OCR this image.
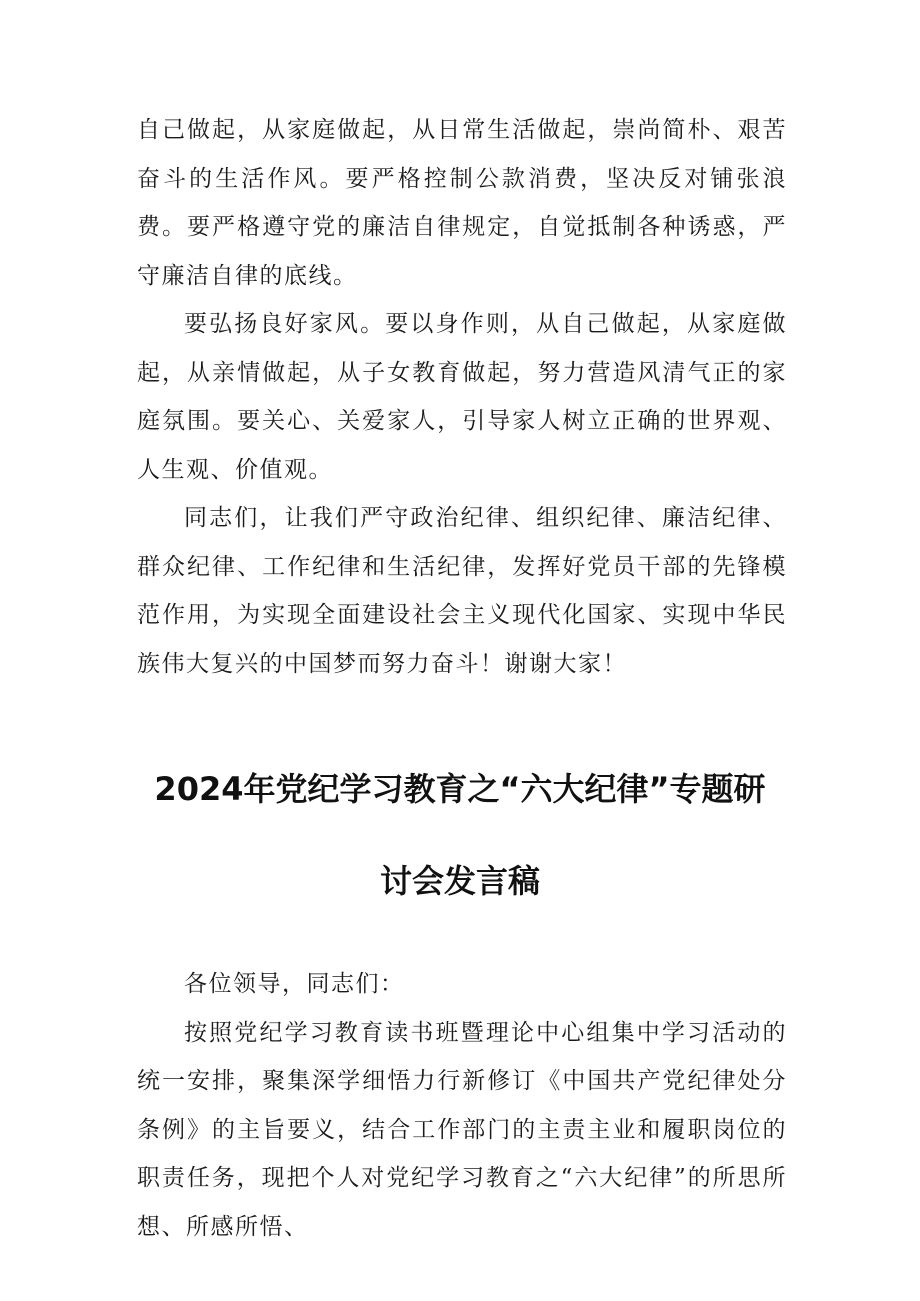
自己做起，从家庭做起，从日常生活做起，崇尚简朴、艰苦奋斗的生活作风。要严格控制公款消费，坚决反对铺张浪费。要严格遵守党的廉洁自律规定，自觉抵制各种诱惑，严守廉洁自律的底线。

要弘扬良好家风。要以身作则，从自己做起，从家庭做起，从亲情做起，从子女教育做起，努力营造风清气正的家庭氛围。要关心、关爱家人，引导家人树立正确的世界观、人生观、价值观。

同志们，让我们严守政治纪律、组织纪律、廉洁纪律、群众纪律、工作纪律和生活纪律，发挥好党员干部的先锋模范作用，为实现全面建设社会主义现代化国家、实现中华民族伟大复兴的中国梦而努力奋斗！谢谢大家！

2024年党纪学习教育之“六大纪律”专题研
讨会发言稿

各位领导，同志们：

按照党纪学习教育读书班暨理论中心组集中学习活动的统一安排，聚集深学细悟力行新修订《中国共产党纪律处分条例》的主旨要义，结合工作部门的主责主业和履职岗位的职责任务，现把个人对党纪学习教育之“六大纪律”的所思所想、所感所悟、
